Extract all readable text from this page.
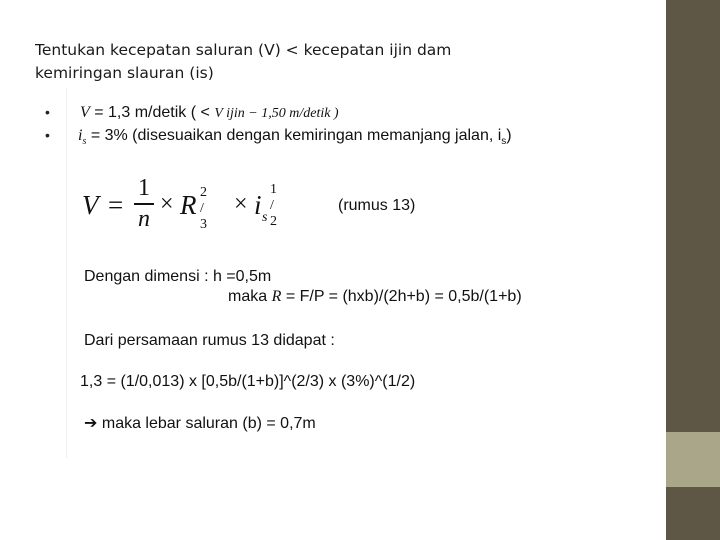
Tentukan kecepatan saluran (V) < kecepatan ijin dam
kemiringan slauran (is)
• V = 1,3 m/detik ( < V ijin − 1,50 m/detik )
• $i_s = 3\%$ (disesuaikan dengan kemiringan memanjang jalan, $i_s$)
V =
1
n
× R 2 / 3
× i s
1 / 2
(rumus 13)
Dengan dimensi : h =0,5m
maka R = F/P = (hxb)/(2h+b) = 0,5b/(1+b)
Dari persamaan rumus 13 didapat :
1,3 = (1/0,013) x [0,5b/(1+b)]^(2/3) x (3%)^(1/2)
➔ maka lebar saluran (b) = 0,7m
